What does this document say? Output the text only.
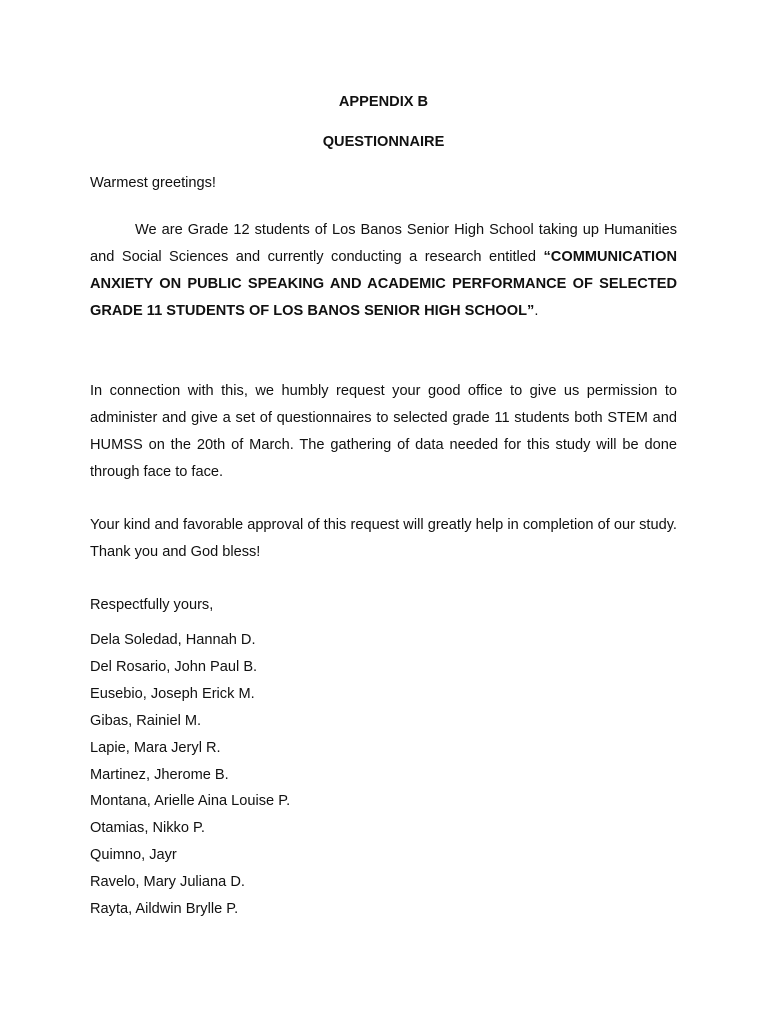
APPENDIX B
QUESTIONNAIRE
Warmest greetings!
We are Grade 12 students of Los Banos Senior High School taking up Humanities and Social Sciences and currently conducting a research entitled “COMMUNICATION ANXIETY ON PUBLIC SPEAKING AND ACADEMIC PERFORMANCE OF SELECTED GRADE 11 STUDENTS OF LOS BANOS SENIOR HIGH SCHOOL”.
In connection with this, we humbly request your good office to give us permission to administer and give a set of questionnaires to selected grade 11 students both STEM and HUMSS on the 20th of March. The gathering of data needed for this study will be done through face to face.
Your kind and favorable approval of this request will greatly help in completion of our study. Thank you and God bless!
Respectfully yours,
Dela Soledad, Hannah D.
Del Rosario, John Paul B.
Eusebio, Joseph Erick M.
Gibas, Rainiel M.
Lapie, Mara Jeryl R.
Martinez, Jherome B.
Montana, Arielle Aina Louise P.
Otamias, Nikko P.
Quimno, Jayr
Ravelo, Mary Juliana D.
Rayta, Aildwin Brylle P.
